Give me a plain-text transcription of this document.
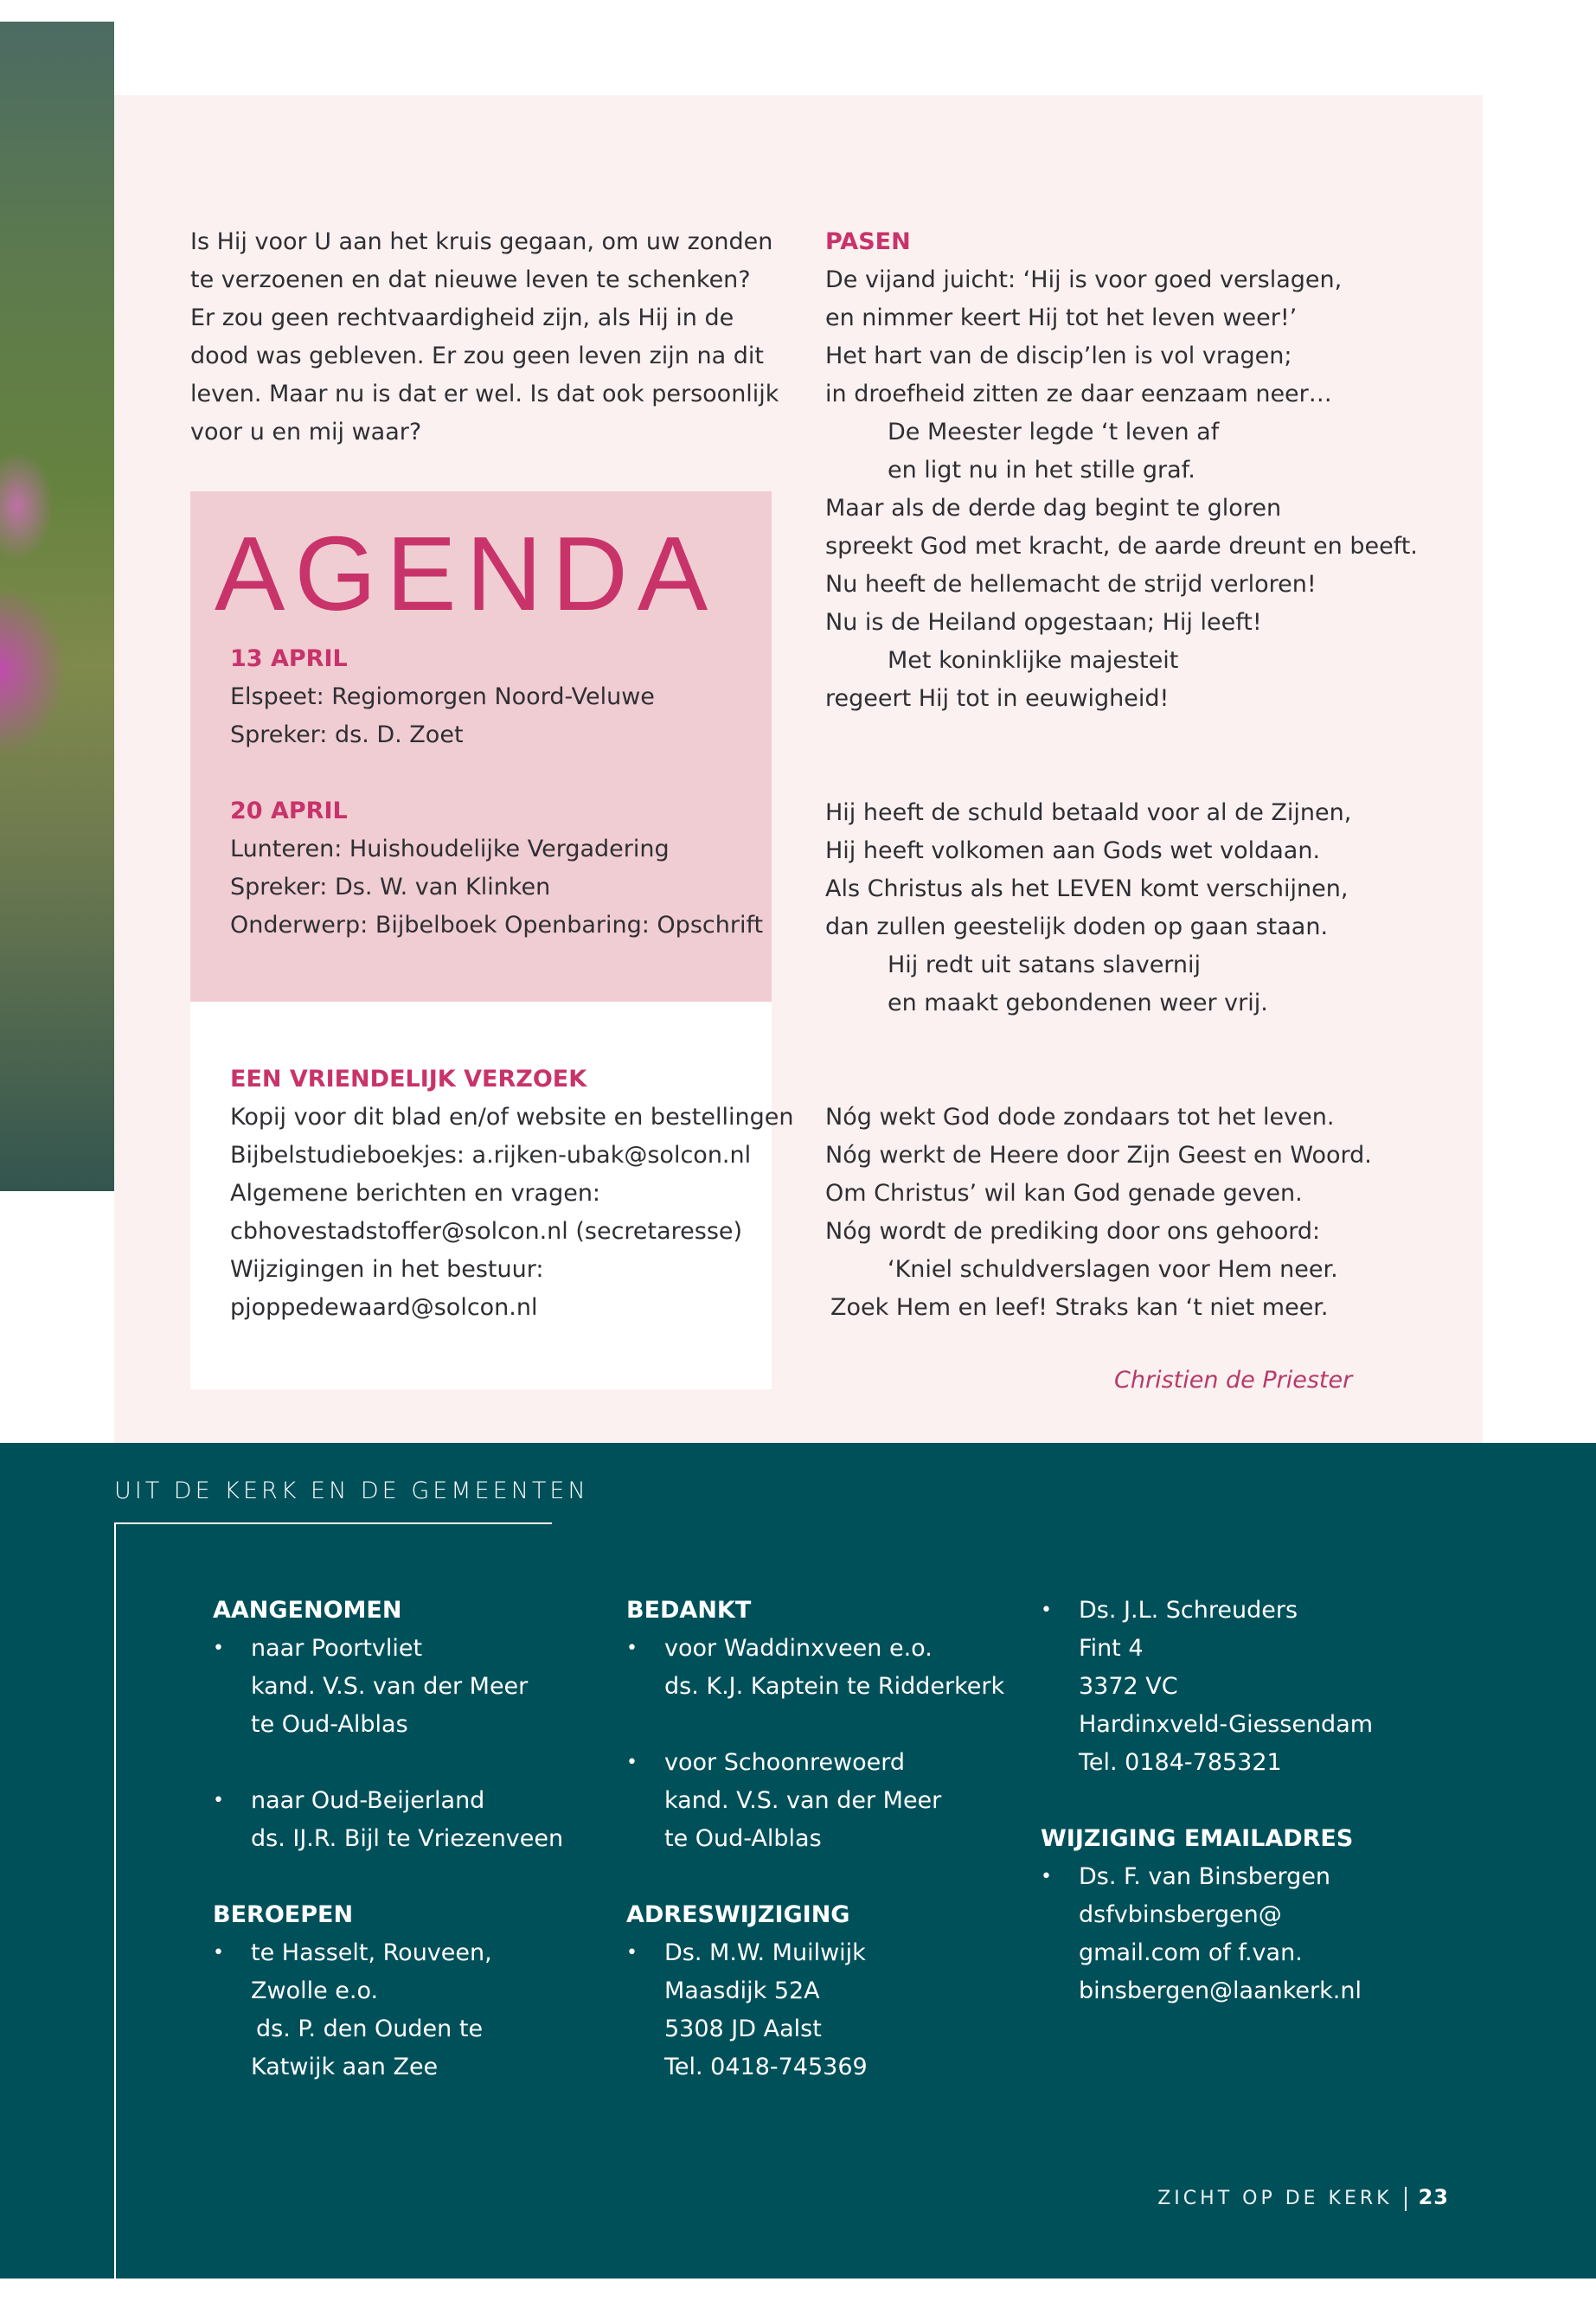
Is Hij voor U aan het kruis gegaan, om uw zonden

te verzoenen en dat nieuwe leven te schenken?

Er zou geen rechtvaardigheid zijn, als Hij in de

dood was gebleven. Er zou geen leven zijn na dit

leven. Maar nu is dat er wel. Is dat ook persoonlijk

voor u en mij waar?

AGENDA

13 APRIL

Elspeet: Regiomorgen Noord-Veluwe

Spreker: ds. D. Zoet

20 APRIL

Lunteren: Huishoudelijke Vergadering

Spreker: Ds. W. van Klinken

Onderwerp: Bijbelboek Openbaring: Opschrift

EEN VRIENDELIJK VERZOEK

Kopij voor dit blad en/of website en bestellingen

Bijbelstudieboekjes: a.rijken-ubak@solcon.nl

Algemene berichten en vragen:

cbhovestadstoffer@solcon.nl (secretaresse)

Wijzigingen in het bestuur:

pjoppedewaard@solcon.nl

PASEN

De vijand juicht: ‘Hij is voor goed verslagen,

en nimmer keert Hij tot het leven weer!’

Het hart van de discip’len is vol vragen;

in droefheid zitten ze daar eenzaam neer…

De Meester legde ‘t leven af

en ligt nu in het stille graf.

Maar als de derde dag begint te gloren

spreekt God met kracht, de aarde dreunt en beeft.

Nu heeft de hellemacht de strijd verloren!

Nu is de Heiland opgestaan; Hij leeft!

Met koninklijke majesteit

regeert Hij tot in eeuwigheid!

Hij heeft de schuld betaald voor al de Zijnen,

Hij heeft volkomen aan Gods wet voldaan.

Als Christus als het LEVEN komt verschijnen,

dan zullen geestelijk doden op gaan staan.

Hij redt uit satans slavernij

en maakt gebondenen weer vrij.

Nóg wekt God dode zondaars tot het leven.

Nóg werkt de Heere door Zijn Geest en Woord.

Om Christus’ wil kan God genade geven.

Nóg wordt de prediking door ons gehoord:

‘Kniel schuldverslagen voor Hem neer.

Zoek Hem en leef! Straks kan ‘t niet meer.

Christien de Priester
UIT DE KERK EN DE GEMEENTEN

AANGENOMEN

• naar Poortvliet

kand. V.S. van der Meer

te Oud-Alblas

• naar Oud-Beijerland

ds. IJ.R. Bijl te Vriezenveen

BEROEPEN

• te Hasselt, Rouveen,

Zwolle e.o.

ds. P. den Ouden te

Katwijk aan Zee

BEDANKT

• voor Waddinxveen e.o.

ds. K.J. Kaptein te Ridderkerk

• voor Schoonrewoerd

kand. V.S. van der Meer

te Oud-Alblas

ADRESWIJZIGING

• Ds. M.W. Muilwijk

Maasdijk 52A

5308 JD Aalst

Tel. 0418-745369

• Ds. J.L. Schreuders

Fint 4

3372 VC

Hardinxveld-Giessendam

Tel. 0184-785321

WIJZIGING EMAILADRES

• Ds. F. van Binsbergen

dsfvbinsbergen@

gmail.com of f.van.

binsbergen@laankerk.nl

ZICHT OP DE KERK 23
